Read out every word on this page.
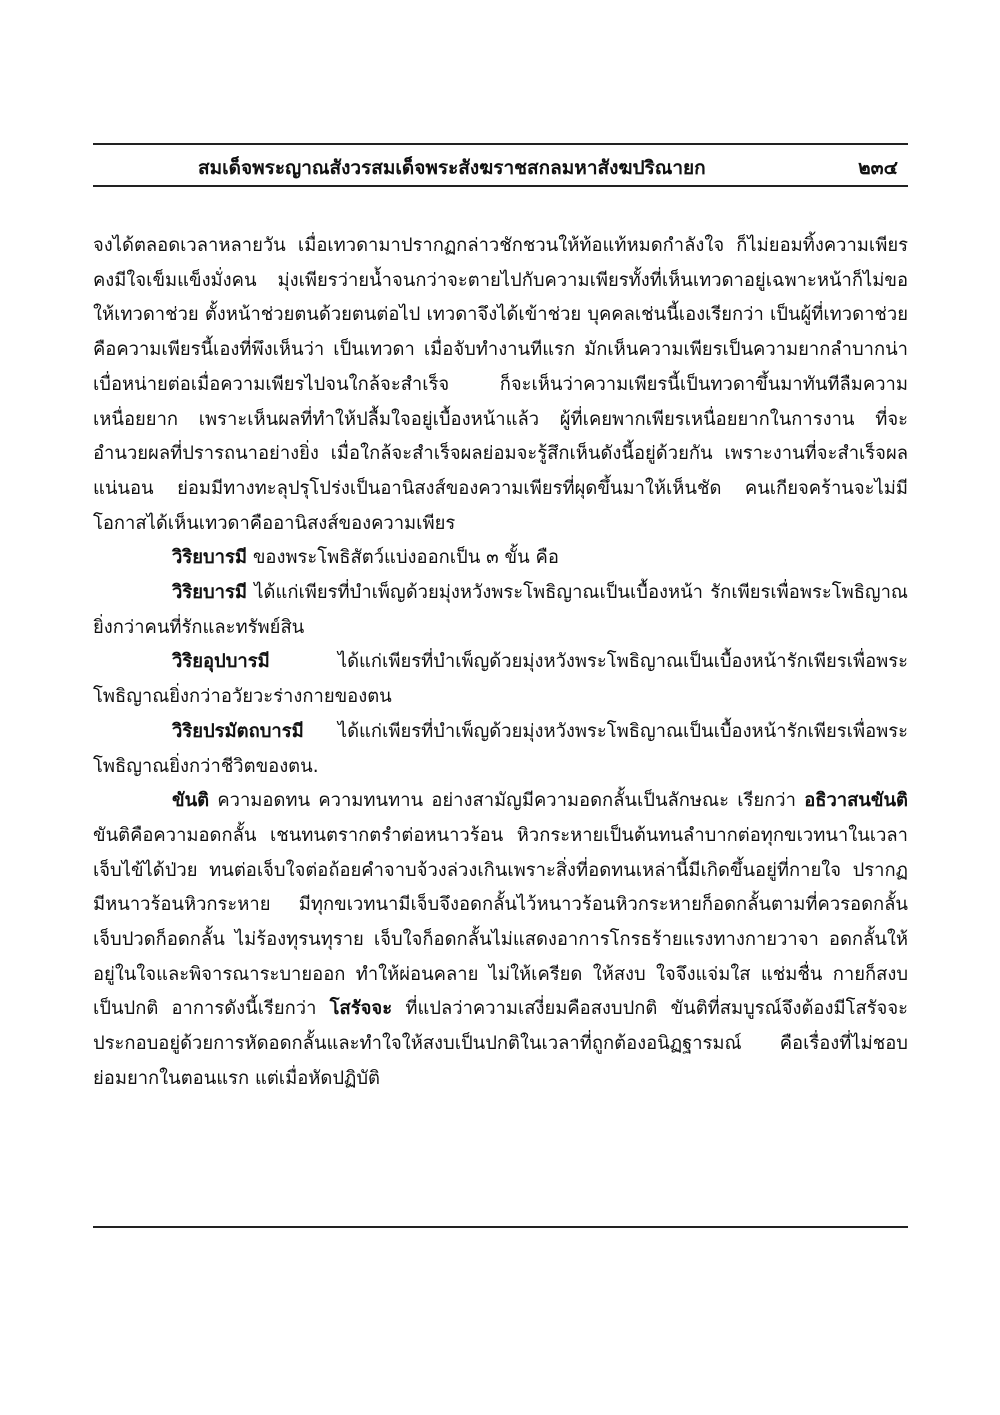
สมเด็จพระญาณสังวรสมเด็จพระสังฆราชสกลมหาสังฆปริณายก	๒๓๔

จงได้ตลอดเวลาหลายวัน เมื่อเทวดามาปรากฏกล่าวชักชวนให้ท้อแท้หมดกำลังใจ ก็ไม่ยอมทิ้งความเพียร คงมีใจเข็มแข็งมั่งคน มุ่งเพียรว่ายน้ำจนกว่าจะตายไปกับความเพียรทั้งที่เห็นเทวดาอยู่เฉพาะหน้าก็ไม่ขอให้เทวดาช่วย ตั้งหน้าช่วยตนด้วยตนต่อไป เทวดาจึงได้เข้าช่วย บุคคลเช่นนี้เองเรียกว่า เป็นผู้ที่เทวดาช่วย คือความเพียรนี้เองที่พึงเห็นว่า เป็นเทวดา เมื่อจับทำงานทีแรก มักเห็นความเพียรเป็นความยากลำบากน่าเบื่อหน่ายต่อเมื่อความเพียรไปจนใกล้จะสำเร็จ ก็จะเห็นว่าความเพียรนี้เป็นทวดาขึ้นมาทันทีลืมความเหนื่อยยาก เพราะเห็นผลที่ทำให้ปลื้มใจอยู่เบื้องหน้าแล้ว ผู้ที่เคยพากเพียรเหนื่อยยากในการงาน ที่จะอำนวยผลที่ปรารถนาอย่างยิ่ง เมื่อใกล้จะสำเร็จผลย่อมจะรู้สึกเห็นดังนี้อยู่ด้วยกัน เพราะงานที่จะสำเร็จผลแน่นอน ย่อมมีทางทะลุปรุโปร่งเป็นอานิสงส์ของความเพียรที่ผุดขึ้นมาให้เห็นชัด คนเกียจคร้านจะไม่มีโอกาสได้เห็นเทวดาคืออานิสงส์ของความเพียร

วิริยบารมี ของพระโพธิสัตว์แบ่งออกเป็น ๓ ขั้น คือ

วิริยบารมี ได้แก่เพียรที่บำเพ็ญด้วยมุ่งหวังพระโพธิญาณเป็นเบื้องหน้า รักเพียรเพื่อพระโพธิญาณยิ่งกว่าคนที่รักและทรัพย์สิน

วิริยอุปบารมี ได้แก่เพียรที่บำเพ็ญด้วยมุ่งหวังพระโพธิญาณเป็นเบื้องหน้ารักเพียรเพื่อพระโพธิญาณยิ่งกว่าอวัยวะร่างกายของตน

วิริยปรมัตถบารมี ได้แก่เพียรที่บำเพ็ญด้วยมุ่งหวังพระโพธิญาณเป็นเบื้องหน้ารักเพียรเพื่อพระโพธิญาณยิ่งกว่าชีวิตของตน.

ขันติ ความอดทน ความทนทาน อย่างสามัญมีความอดกลั้นเป็นลักษณะ เรียกว่า อธิวาสนขันติ ขันติคือความอดกลั้น เชนทนตรากตรำต่อหนาวร้อน หิวกระหายเป็นต้นทนลำบากต่อทุกขเวทนาในเวลาเจ็บไข้ได้ป่วย ทนต่อเจ็บใจต่อถ้อยคำจาบจ้วงล่วงเกินเพราะสิ่งที่อดทนเหล่านี้มีเกิดขึ้นอยู่ที่กายใจ ปรากฏมีหนาวร้อนหิวกระหาย มีทุกขเวทนามีเจ็บจึงอดกลั้นไว้หนาวร้อนหิวกระหายก็อดกลั้นตามที่ควรอดกลั้น เจ็บปวดก็อดกลั้น ไม่ร้องทุรนทุราย เจ็บใจก็อดกลั้นไม่แสดงอาการโกรธร้ายแรงทางกายวาจา อดกลั้นให้อยู่ในใจและพิจารณาระบายออก ทำให้ผ่อนคลาย ไม่ให้เครียด ให้สงบ ใจจึงแจ่มใส แช่มชื่น กายก็สงบเป็นปกติ อาการดังนี้เรียกว่า โสรัจจะ ที่แปลว่าความเสงี่ยมคือสงบปกติ ขันติที่สมบูรณ์จึงต้องมีโสรัจจะ ประกอบอยู่ด้วยการหัดอดกลั้นและทำใจให้สงบเป็นปกติในเวลาที่ถูกต้องอนิฏฐารมณ์ คือเรื่องที่ไม่ชอบ ย่อมยากในตอนแรก แต่เมื่อหัดปฏิบัติ
